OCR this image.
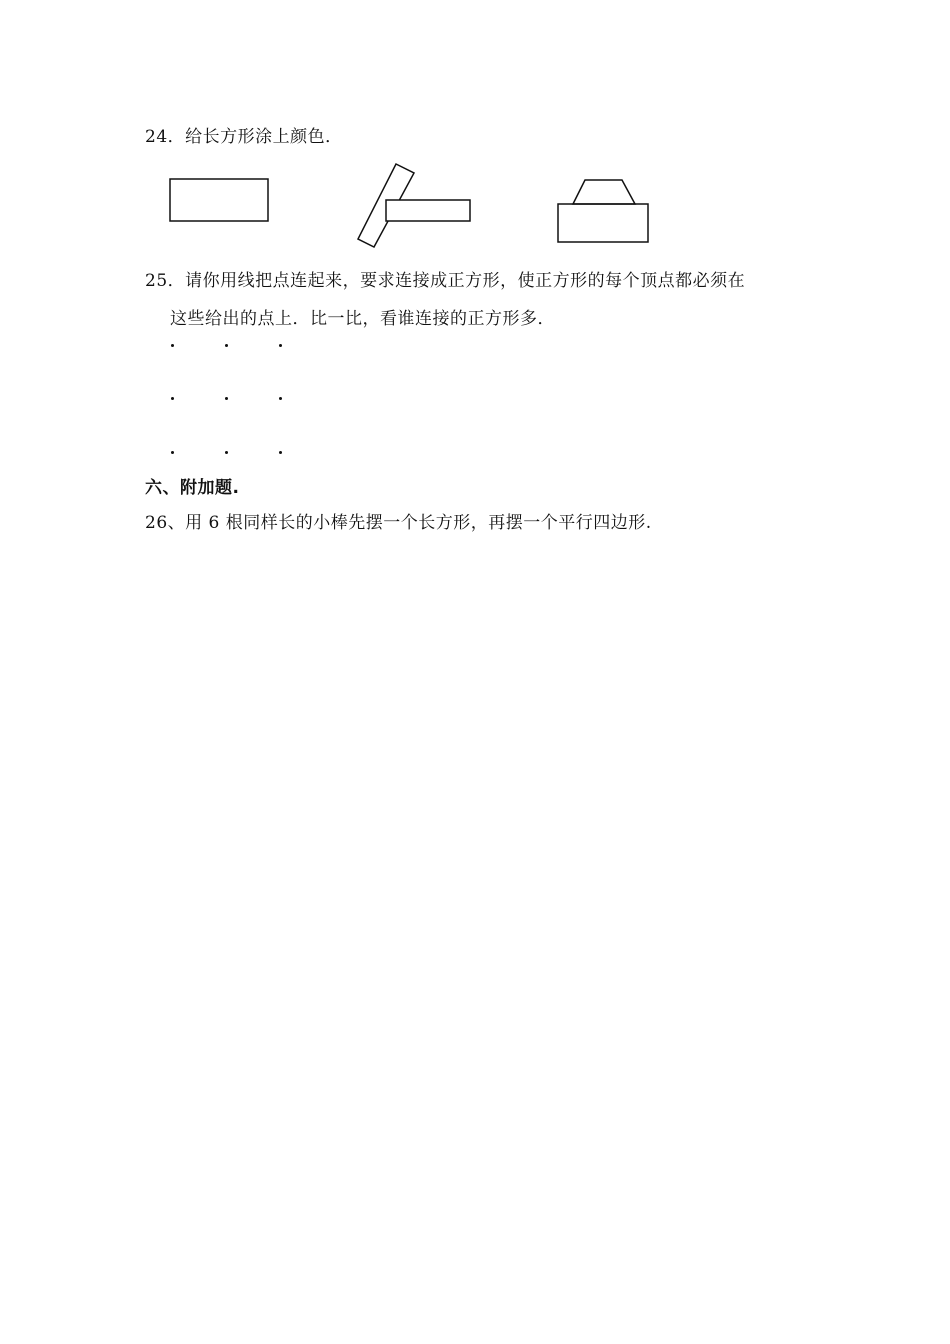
24．给长方形涂上颜色．
25．请你用线把点连起来，要求连接成正方形，使正方形的每个顶点都必须在
这些给出的点上．比一比，看谁连接的正方形多．
六、附加题.
26、用 6 根同样长的小棒先摆一个长方形，再摆一个平行四边形.
